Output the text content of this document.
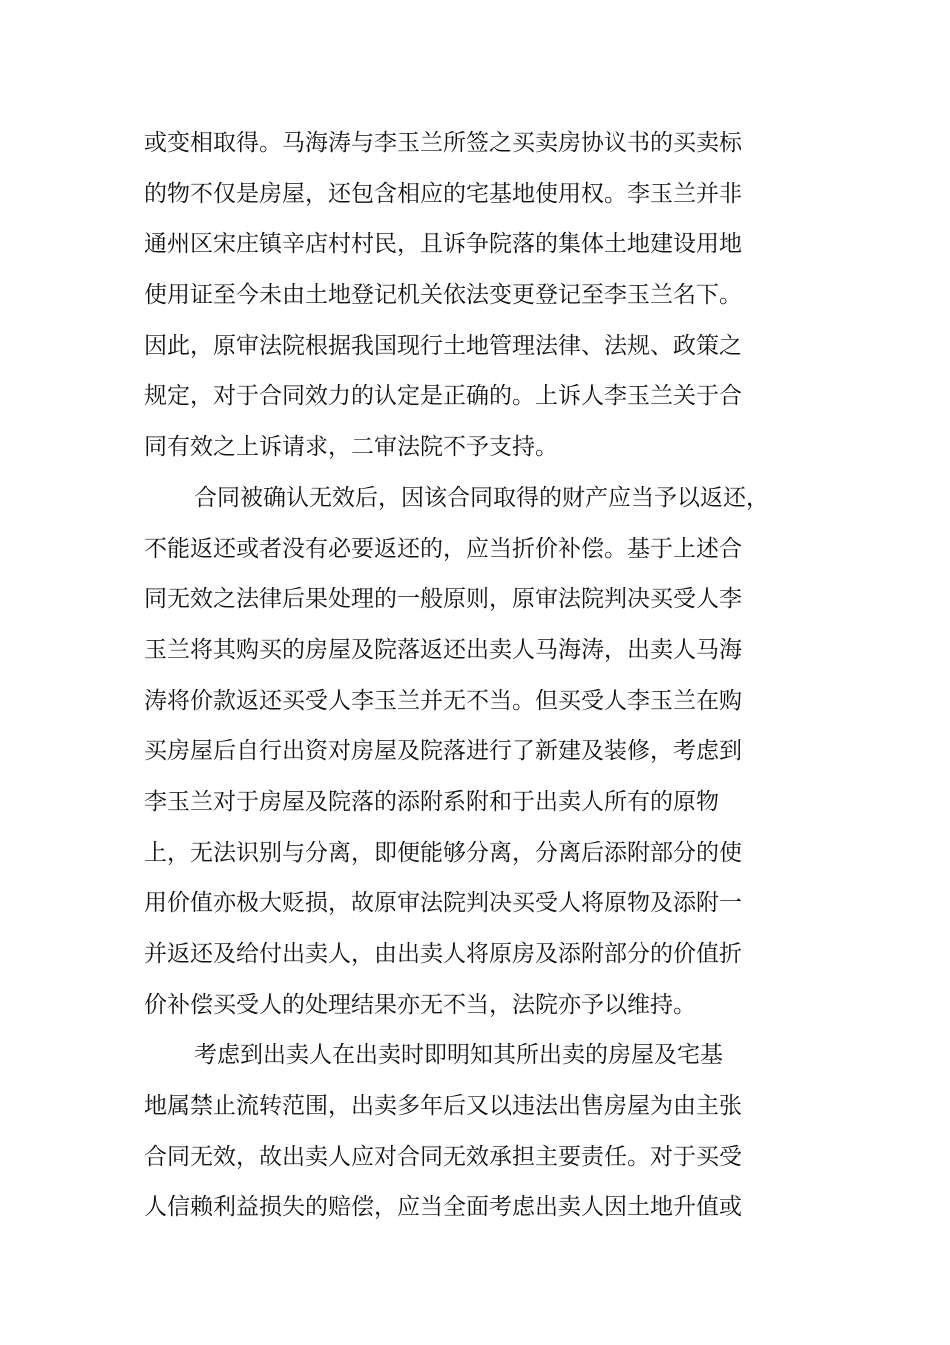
或变相取得。马海涛与李玉兰所签之买卖房协议书的买卖标
的物不仅是房屋，还包含相应的宅基地使用权。李玉兰并非
通州区宋庄镇辛店村村民，且诉争院落的集体土地建设用地
使用证至今未由土地登记机关依法变更登记至李玉兰名下。
因此，原审法院根据我国现行土地管理法律、法规、政策之
规定，对于合同效力的认定是正确的。上诉人李玉兰关于合
同有效之上诉请求，二审法院不予支持。
合同被确认无效后，因该合同取得的财产应当予以返还，
不能返还或者没有必要返还的，应当折价补偿。基于上述合
同无效之法律后果处理的一般原则，原审法院判决买受人李
玉兰将其购买的房屋及院落返还出卖人马海涛，出卖人马海
涛将价款返还买受人李玉兰并无不当。但买受人李玉兰在购
买房屋后自行出资对房屋及院落进行了新建及装修，考虑到
李玉兰对于房屋及院落的添附系附和于出卖人所有的原物
上，无法识别与分离，即便能够分离，分离后添附部分的使
用价值亦极大贬损，故原审法院判决买受人将原物及添附一
并返还及给付出卖人，由出卖人将原房及添附部分的价值折
价补偿买受人的处理结果亦无不当，法院亦予以维持。
考虑到出卖人在出卖时即明知其所出卖的房屋及宅基
地属禁止流转范围，出卖多年后又以违法出售房屋为由主张
合同无效，故出卖人应对合同无效承担主要责任。对于买受
人信赖利益损失的赔偿，应当全面考虑出卖人因土地升值或
